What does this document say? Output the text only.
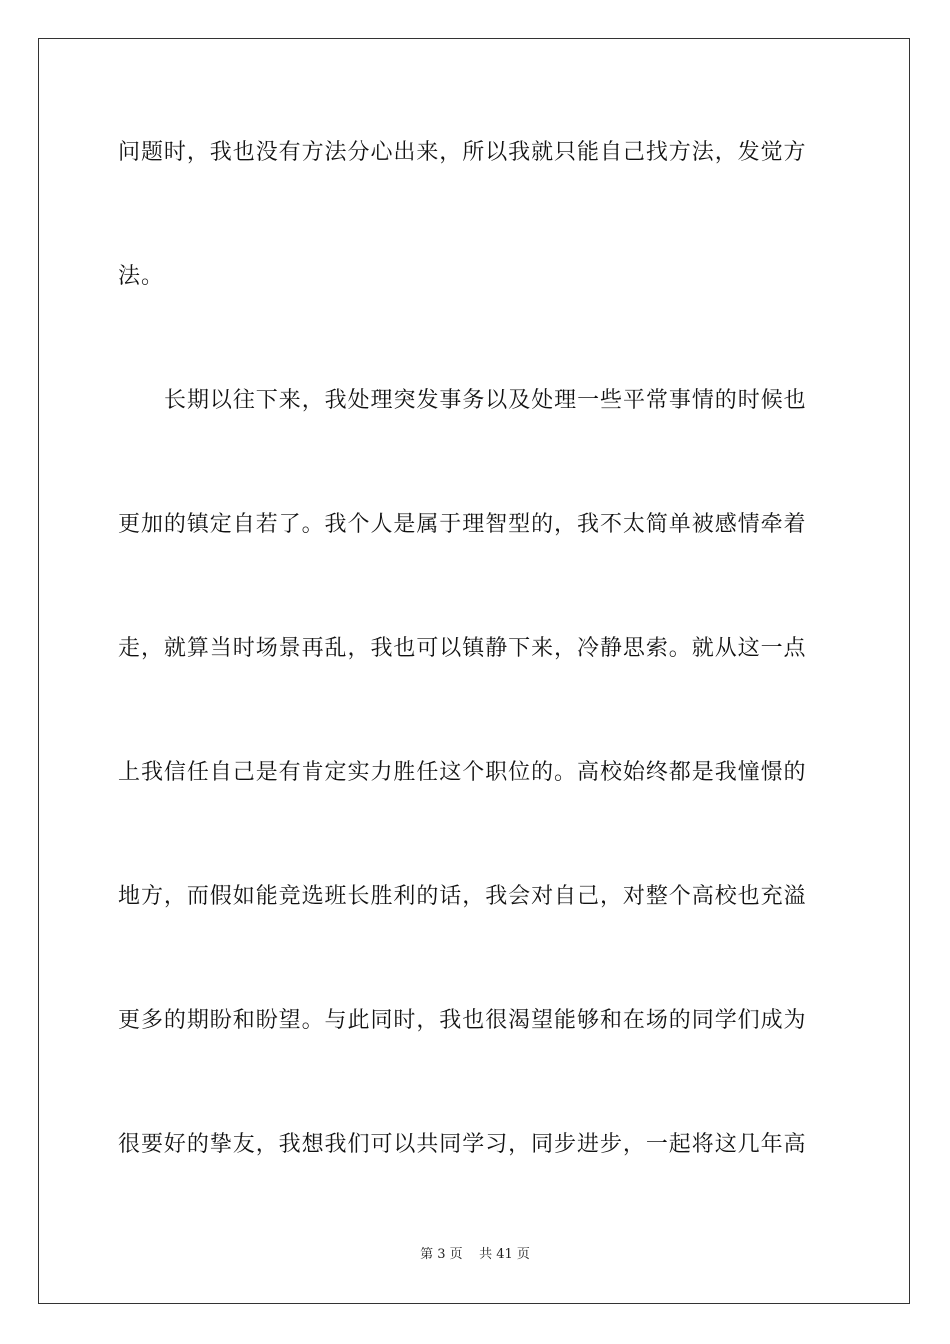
问题时，我也没有方法分心出来，所以我就只能自己找方法，发觉方
法。
长期以往下来，我处理突发事务以及处理一些平常事情的时候也
更加的镇定自若了。我个人是属于理智型的，我不太简单被感情牵着
走，就算当时场景再乱，我也可以镇静下来，冷静思索。就从这一点
上我信任自己是有肯定实力胜任这个职位的。高校始终都是我憧憬的
地方，而假如能竞选班长胜利的话，我会对自己，对整个高校也充溢
更多的期盼和盼望。与此同时，我也很渴望能够和在场的同学们成为
很要好的挚友，我想我们可以共同学习，同步进步，一起将这几年高
第 3 页    共 41 页
